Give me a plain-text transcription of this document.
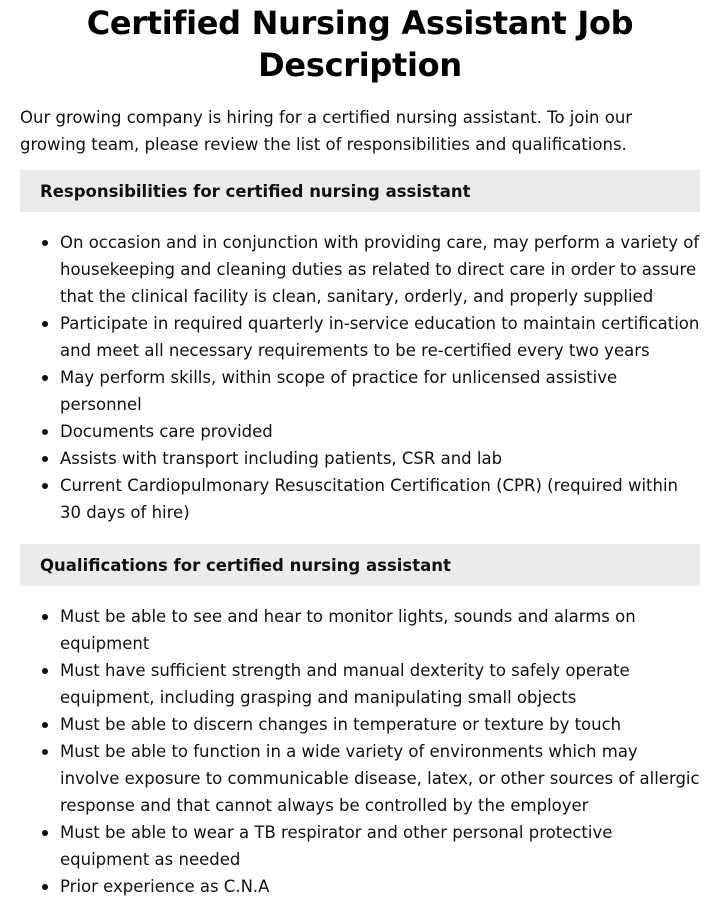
Certified Nursing Assistant Job Description

Our growing company is hiring for a certified nursing assistant. To join our growing team, please review the list of responsibilities and qualifications.

Responsibilities for certified nursing assistant
On occasion and in conjunction with providing care, may perform a variety of housekeeping and cleaning duties as related to direct care in order to assure that the clinical facility is clean, sanitary, orderly, and properly supplied
Participate in required quarterly in-service education to maintain certification and meet all necessary requirements to be re-certified every two years
May perform skills, within scope of practice for unlicensed assistive personnel
Documents care provided
Assists with transport including patients, CSR and lab
Current Cardiopulmonary Resuscitation Certification (CPR) (required within 30 days of hire)
Qualifications for certified nursing assistant
Must be able to see and hear to monitor lights, sounds and alarms on equipment
Must have sufficient strength and manual dexterity to safely operate equipment, including grasping and manipulating small objects
Must be able to discern changes in temperature or texture by touch
Must be able to function in a wide variety of environments which may involve exposure to communicable disease, latex, or other sources of allergic response and that cannot always be controlled by the employer
Must be able to wear a TB respirator and other personal protective equipment as needed
Prior experience as C.N.A
